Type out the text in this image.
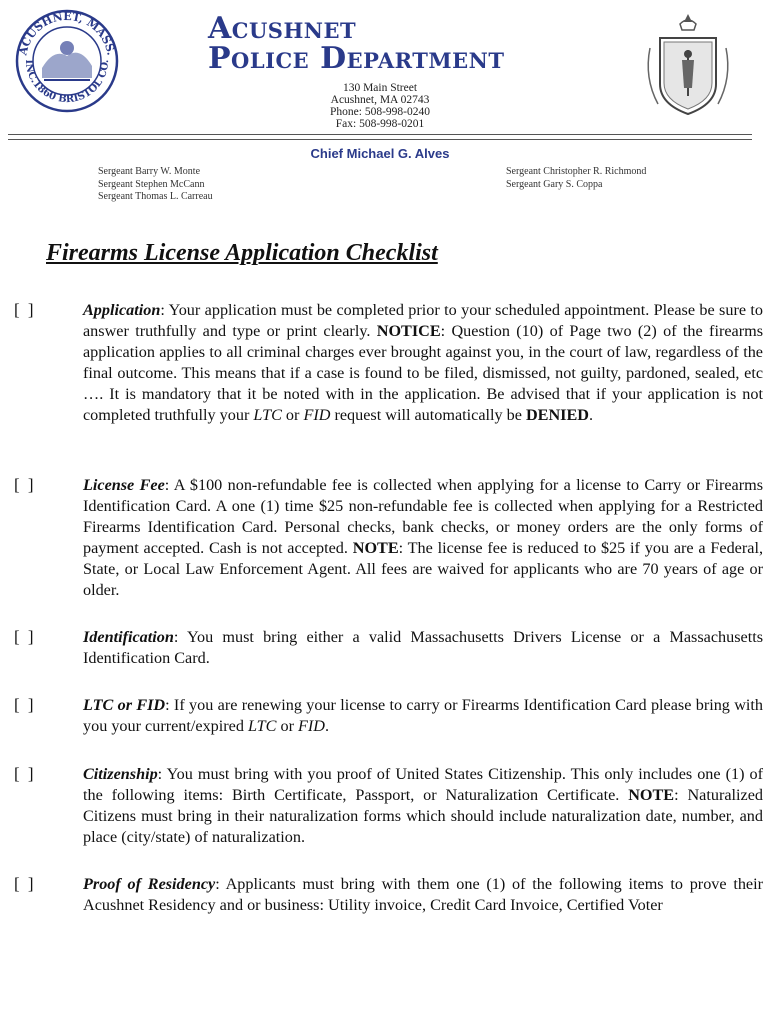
ACUSHNET, MASS.
INC.1860 BRISTOL CO.
Acushnet
Police Department
130 Main Street
Acushnet, MA 02743
Phone: 508-998-0240
Fax: 508-998-0201
Chief Michael G. Alves
Sergeant Barry W. Monte
Sergeant Stephen McCann
Sergeant Thomas L. Carreau
Sergeant Christopher R. Richmond
Sergeant Gary S. Coppa
Firearms License Application Checklist
[ ]	Application: Your application must be completed prior to your scheduled appointment. Please be sure to answer truthfully and type or print clearly. NOTICE: Question (10) of Page two (2) of the firearms application applies to all criminal charges ever brought against you, in the court of law, regardless of the final outcome. This means that if a case is found to be filed, dismissed, not guilty, pardoned, sealed, etc …. It is mandatory that it be noted with in the application. Be advised that if your application is not completed truthfully your LTC or FID request will automatically be DENIED.
[ ]	License Fee: A $100 non-refundable fee is collected when applying for a license to Carry or Firearms Identification Card. A one (1) time $25 non-refundable fee is collected when applying for a Restricted Firearms Identification Card. Personal checks, bank checks, or money orders are the only forms of payment accepted. Cash is not accepted. NOTE: The license fee is reduced to $25 if you are a Federal, State, or Local Law Enforcement Agent. All fees are waived for applicants who are 70 years of age or older.
[ ]	Identification: You must bring either a valid Massachusetts Drivers License or a Massachusetts Identification Card.
[ ]	LTC or FID: If you are renewing your license to carry or Firearms Identification Card please bring with you your current/expired LTC or FID.
[ ]	Citizenship: You must bring with you proof of United States Citizenship. This only includes one (1) of the following items: Birth Certificate, Passport, or Naturalization Certificate. NOTE: Naturalized Citizens must bring in their naturalization forms which should include naturalization date, number, and place (city/state) of naturalization.
[ ]	Proof of Residency: Applicants must bring with them one (1) of the following items to prove their Acushnet Residency and or business: Utility invoice, Credit Card Invoice, Certified Voter
